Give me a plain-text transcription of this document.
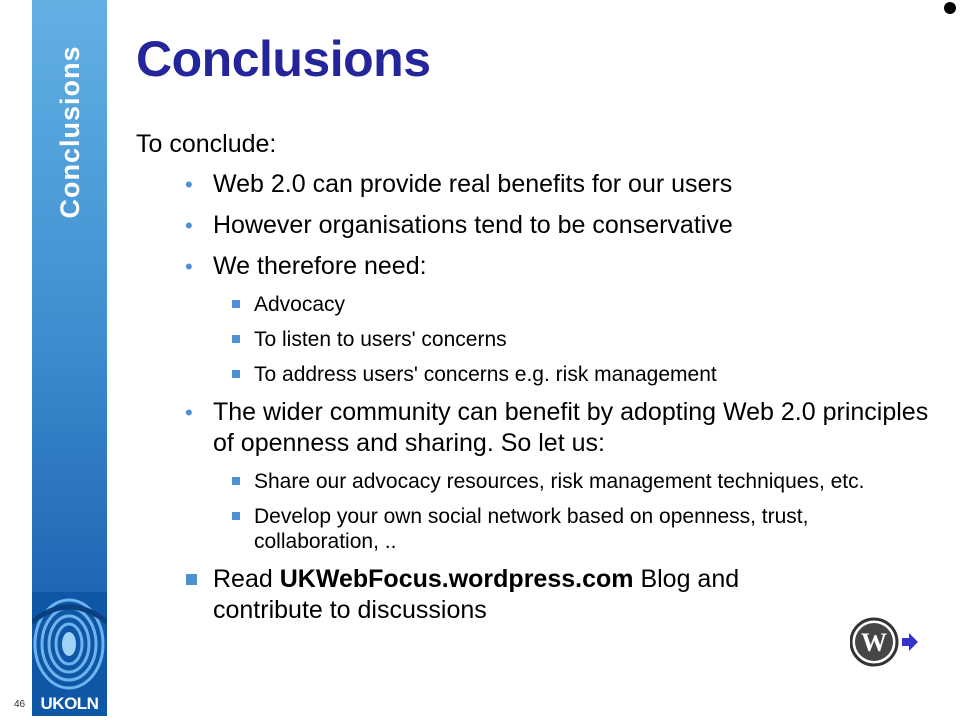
Conclusions
UKOLN
46
Conclusions
To conclude:
• Web 2.0 can provide real benefits for our users
• However organisations tend to be conservative
• We therefore need:
Advocacy
To listen to users' concerns
To address users' concerns e.g. risk management
• The wider community can benefit by adopting Web 2.0 principles of openness and sharing. So let us:
Share our advocacy resources, risk management techniques, etc.
Develop your own social network based on openness, trust, collaboration, ..
Read UKWebFocus.wordpress.com Blog and contribute to discussions
W
